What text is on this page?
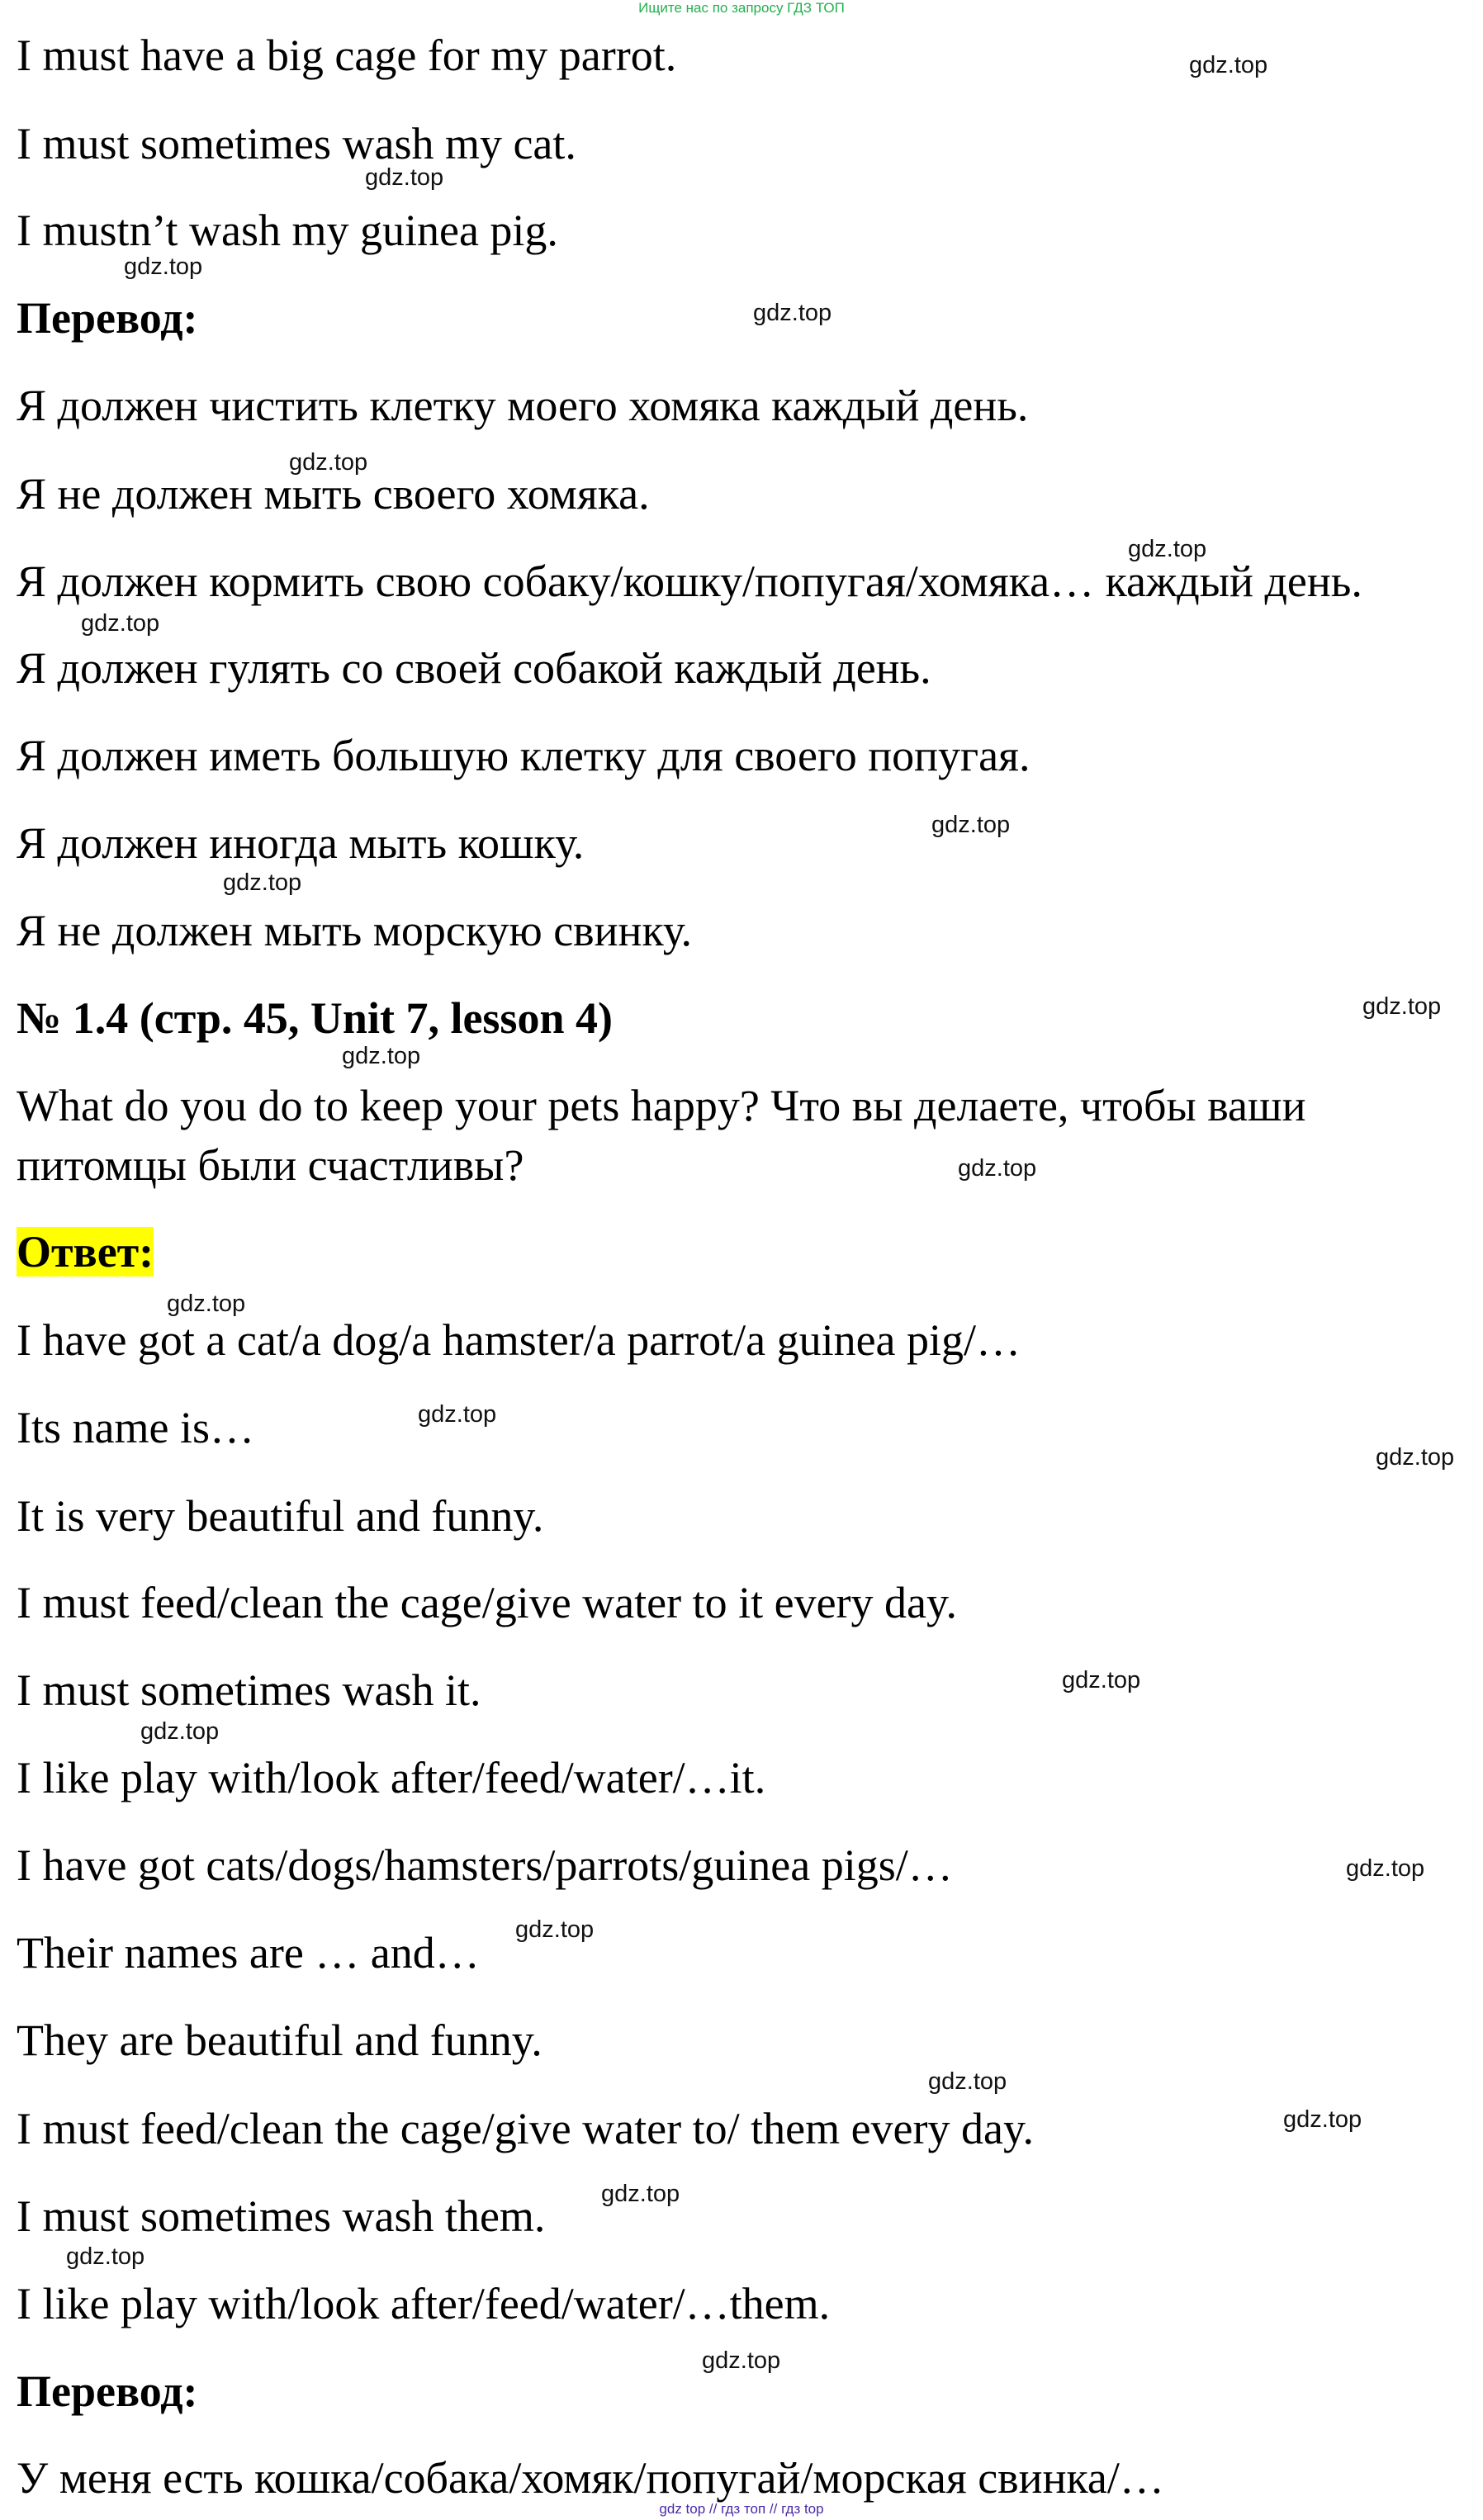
Ищите нас по запросу ГДЗ ТОП

I must have a big cage for my parrot.

I must sometimes wash my cat.

I mustn’t wash my guinea pig.

Перевод:

Я должен чистить клетку моего хомяка каждый день.

Я не должен мыть своего хомяка.

Я должен кормить свою собаку/кошку/попугая/хомяка… каждый день.

Я должен гулять со своей собакой каждый день.

Я должен иметь большую клетку для своего попугая.

Я должен иногда мыть кошку.

Я не должен мыть морскую свинку.

№ 1.4 (стр. 45, Unit 7, lesson 4)

What do you do to keep your pets happy? Что вы делаете, чтобы ваши

питомцы были счастливы?

Ответ:

I have got a cat/a dog/a hamster/a parrot/a guinea pig/…

Its name is…

It is very beautiful and funny.

I must feed/clean the cage/give water to it every day.

I must sometimes wash it.

I like play with/look after/feed/water/…it.

I have got cats/dogs/hamsters/parrots/guinea pigs/…

Their names are … and…

They are beautiful and funny.

I must feed/clean the cage/give water to/ them every day.

I must sometimes wash them.

I like play with/look after/feed/water/…them.

Перевод:

У меня есть кошка/собака/хомяк/попугай/морская свинка/…

gdz.top
gdz.top
gdz.top
gdz.top
gdz.top
gdz.top
gdz.top
gdz.top
gdz.top
gdz.top
gdz.top
gdz.top
gdz.top
gdz.top
gdz.top
gdz.top
gdz.top
gdz.top
gdz.top
gdz.top
gdz.top
gdz.top
gdz.top
gdz.top
gdz top // гдз топ // гдз top
